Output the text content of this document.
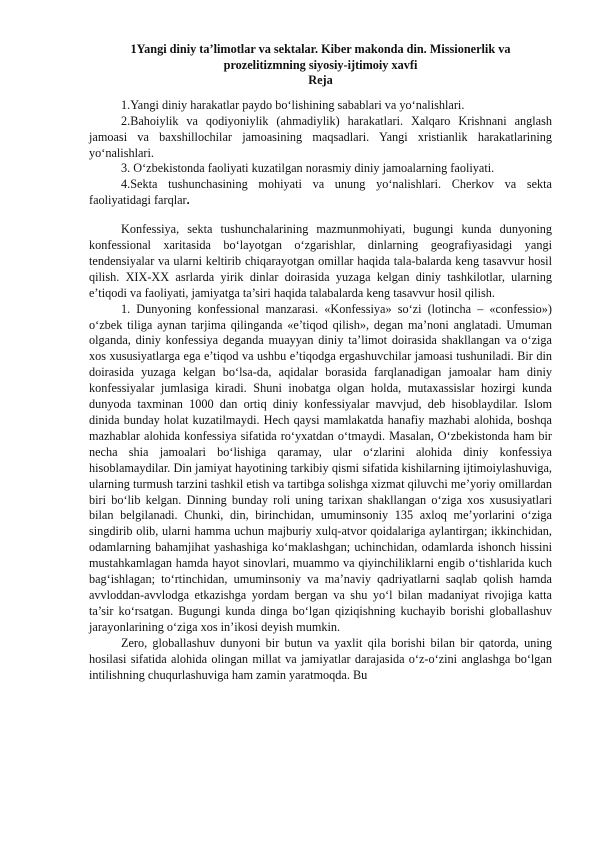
1Yangi diniy ta’limotlar va sektalar. Kiber makonda din. Missionerlik va prozelitizmning siyosiy-ijtimoiy xavfi
Reja

1.Yangi diniy harakatlar paydo bo‘lishining sabablari va yo‘nalishlari.

2.Bahoiylik va qodiyoniylik (ahmadiylik) harakatlari. Xalqaro Krishnani anglash jamoasi va baxshillochilar jamoasining maqsadlari. Yangi xristianlik harakatlarining yo‘nalishlari.

3. O‘zbekistonda faoliyati kuzatilgan norasmiy diniy jamoalarning faoliyati.

4.Sekta tushunchasining mohiyati va unung yo‘nalishlari. Cherkov va sekta faoliyatidagi farqlar.

Konfessiya, sekta tushunchalarining mazmunmohiyati, bugungi kunda dunyoning konfessional xaritasida bo‘layotgan o‘zgarishlar, dinlarning geografiyasidagi yangi tendensiyalar va ularni keltirib chiqarayotgan omillar haqida tala-balarda keng tasavvur hosil qilish. XIX-XX asrlarda yirik dinlar doirasida yuzaga kelgan diniy tashkilotlar, ularning e’tiqodi va faoliyati, jamiyatga ta’siri haqida talabalarda keng tasavvur hosil qilish.

1. Dunyoning konfessional manzarasi. «Konfessiya» so‘zi (lotincha – «confessio») o‘zbek tiliga aynan tarjima qilinganda «e’tiqod qilish», degan ma’noni anglatadi. Umuman olganda, diniy konfessiya deganda muayyan diniy ta’limot doirasida shakllangan va o‘ziga xos xususiyatlarga ega e’tiqod va ushbu e’tiqodga ergashuvchilar jamoasi tushuniladi. Bir din doirasida yuzaga kelgan bo‘lsa-da, aqidalar borasida farqlanadigan jamoalar ham diniy konfessiyalar jumlasiga kiradi. Shuni inobatga olgan holda, mutaxassislar hozirgi kunda dunyoda taxminan 1000 dan ortiq diniy konfessiyalar mavvjud, deb hisoblaydilar. Islom dinida bunday holat kuzatilmaydi. Hech qaysi mamlakatda hanafiy mazhabi alohida, boshqa mazhablar alohida konfessiya sifatida ro‘yxatdan o‘tmaydi. Masalan, O‘zbekistonda ham bir necha shia jamoalari bo‘lishiga qaramay, ular o‘zlarini alohida diniy konfessiya hisoblamaydilar. Din jamiyat hayotining tarkibiy qismi sifatida kishilarning ijtimoiylashuviga, ularning turmush tarzini tashkil etish va tartibga solishga xizmat qiluvchi me’yoriy omillardan biri bo‘lib kelgan. Dinning bunday roli uning tarixan shakllangan o‘ziga xos xususiyatlari bilan belgilanadi. Chunki, din, birinchidan, umuminsoniy 135 axloq me’yorlarini o‘ziga singdirib olib, ularni hamma uchun majburiy xulq-atvor qoidalariga aylantirgan; ikkinchidan, odamlarning bahamjihat yashashiga ko‘maklashgan; uchinchidan, odamlarda ishonch hissini mustahkamlagan hamda hayot sinovlari, muammo va qiyinchiliklarni engib o‘tishlarida kuch bag‘ishlagan; to‘rtinchidan, umuminsoniy va ma’naviy qadriyatlarni saqlab qolish hamda avvloddan-avvlodga etkazishga yordam bergan va shu yo‘l bilan madaniyat rivojiga katta ta’sir ko‘rsatgan. Bugungi kunda dinga bo‘lgan qiziqishning kuchayib borishi globallashuv jarayonlarining o‘ziga xos in’ikosi deyish mumkin.

Zero, globallashuv dunyoni bir butun va yaxlit qila borishi bilan bir qatorda, uning hosilasi sifatida alohida olingan millat va jamiyatlar darajasida o‘z-o‘zini anglashga bo‘lgan intilishning chuqurlashuviga ham zamin yaratmoqda. Bu
